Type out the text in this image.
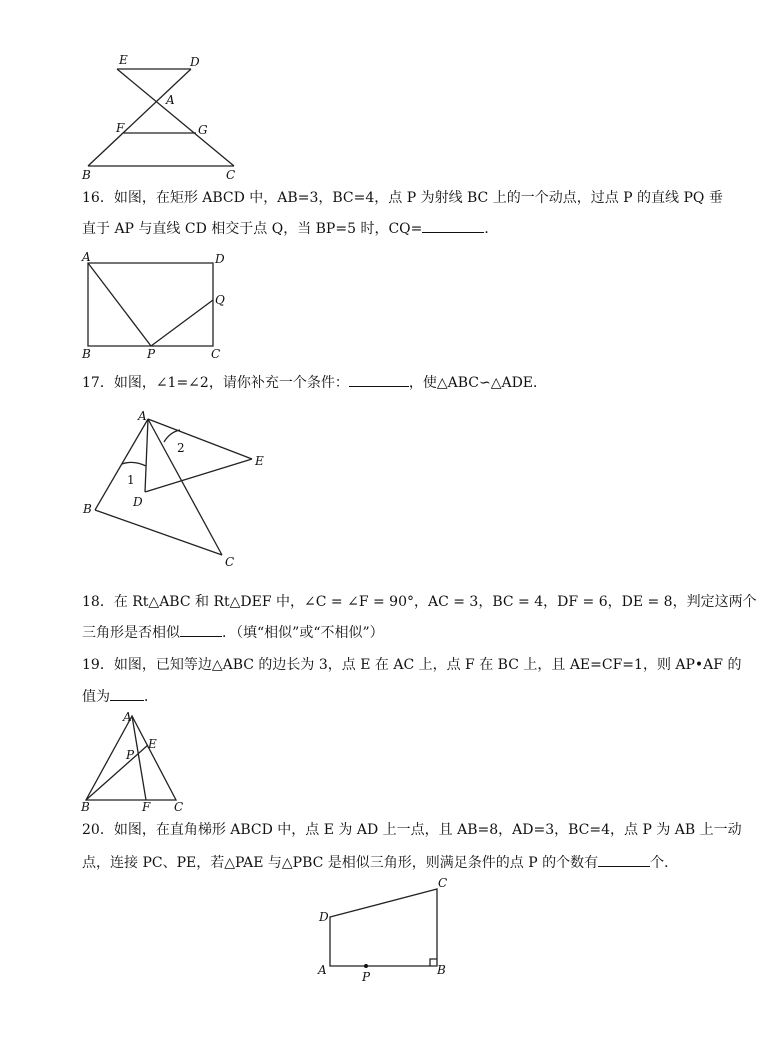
E	D
A
F	G
B	C
16．如图，在矩形 ABCD 中，AB=3，BC=4，点 P 为射线 BC 上的一个动点，过点 P 的直线 PQ 垂
直于 AP 与直线 CD 相交于点 Q，当 BP=5 时，CQ=	．
A	D
Q
B	P	C
17．如图，∠1=∠2，请你补充一个条件：	，使△ABC∽△ADE．
A
E
B	D
C
1
2
18．在 Rt△ABC 和 Rt△DEF 中，∠C = ∠F = 90°，AC = 3，BC = 4，DF = 6，DE = 8，判定这两个
三角形是否相似	．（填“相似”或“不相似”）
19．如图，已知等边△ABC 的边长为 3，点 E 在 AC 上，点 F 在 BC 上，且 AE=CF=1，则 AP•AF 的
值为 ．
A
E
P
B	F C
20．如图，在直角梯形 ABCD 中，点 E 为 AD 上一点，且 AB=8，AD=3，BC=4，点 P 为 AB 上一动
点，连接 PC、PE，若△PAE 与△PBC 是相似三角形，则满足条件的点 P 的个数有	个．
C
D
A	P	B
